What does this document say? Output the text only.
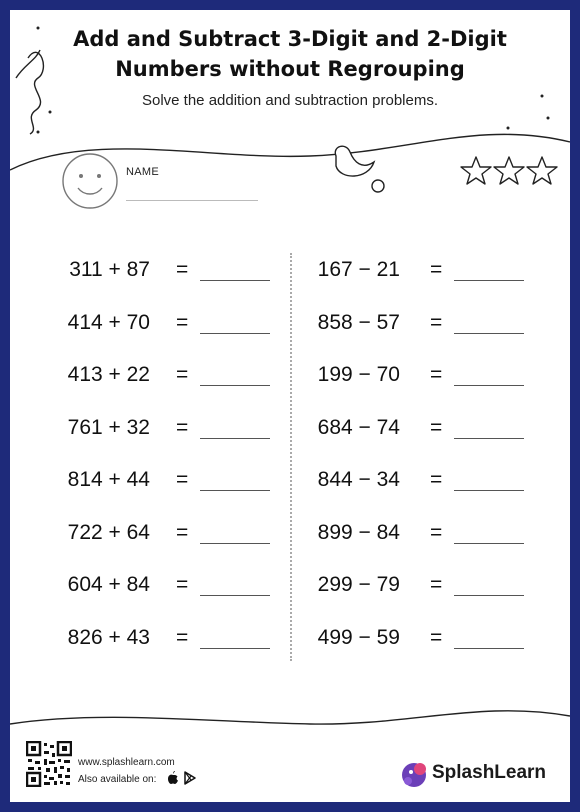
Add and Subtract 3-Digit and 2-Digit
Numbers without Regrouping
Solve the addition and subtraction problems.
NAME
311 + 87 =
414 + 70 =
413 + 22 =
761 + 32 =
814 + 44 =
722 + 64 =
604 + 84 =
826 + 43 =
167 − 21 =
858 − 57 =
199 − 70 =
684 − 74 =
844 − 34 =
899 − 84 =
299 − 79 =
499 − 59 =
www.splashlearn.com
Also available on:	SplashLearn
